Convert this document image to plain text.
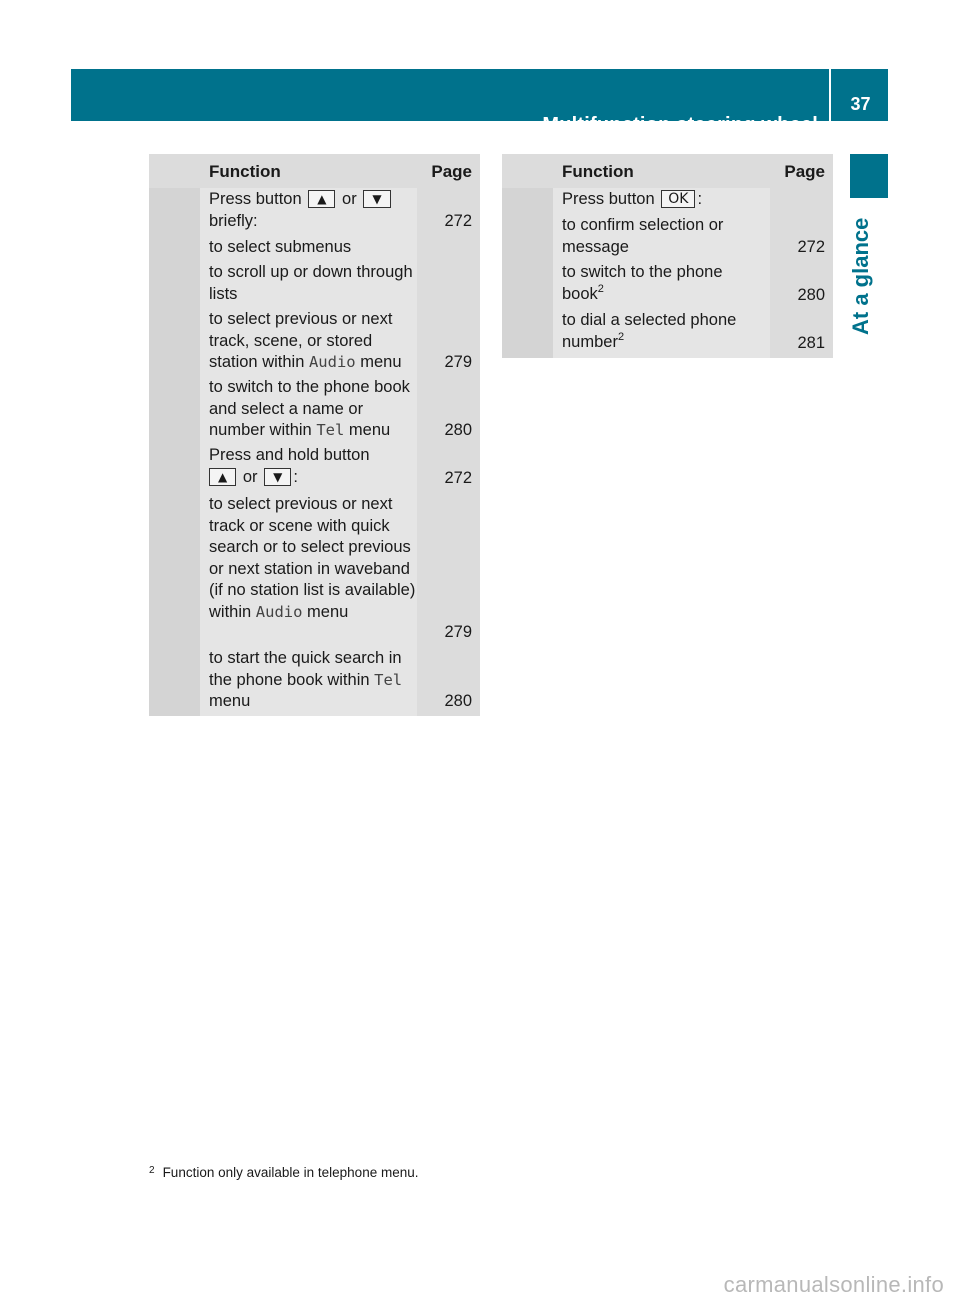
Multifunction steering wheel
37
At a glance
Function	Page
Press button ▲ or ▼
briefly:	272
to select submenus
to scroll up or down through lists
to select previous or next track, scene, or stored station within Audio menu	279
to switch to the phone book and select a name or number within Tel menu	280
Press and hold button
▲ or ▼ :	272
to select previous or next track or scene with quick search or to select previous or next station in waveband (if no station list is available) within Audio menu
279
to start the quick search in the phone book within Tel menu	280
Function	Page
Press button OK :
to confirm selection or message	272
to switch to the phone book$^2$	280
to dial a selected phone number$^2$	281
$^2$ Function only available in telephone menu.
carmanualsonline.info
